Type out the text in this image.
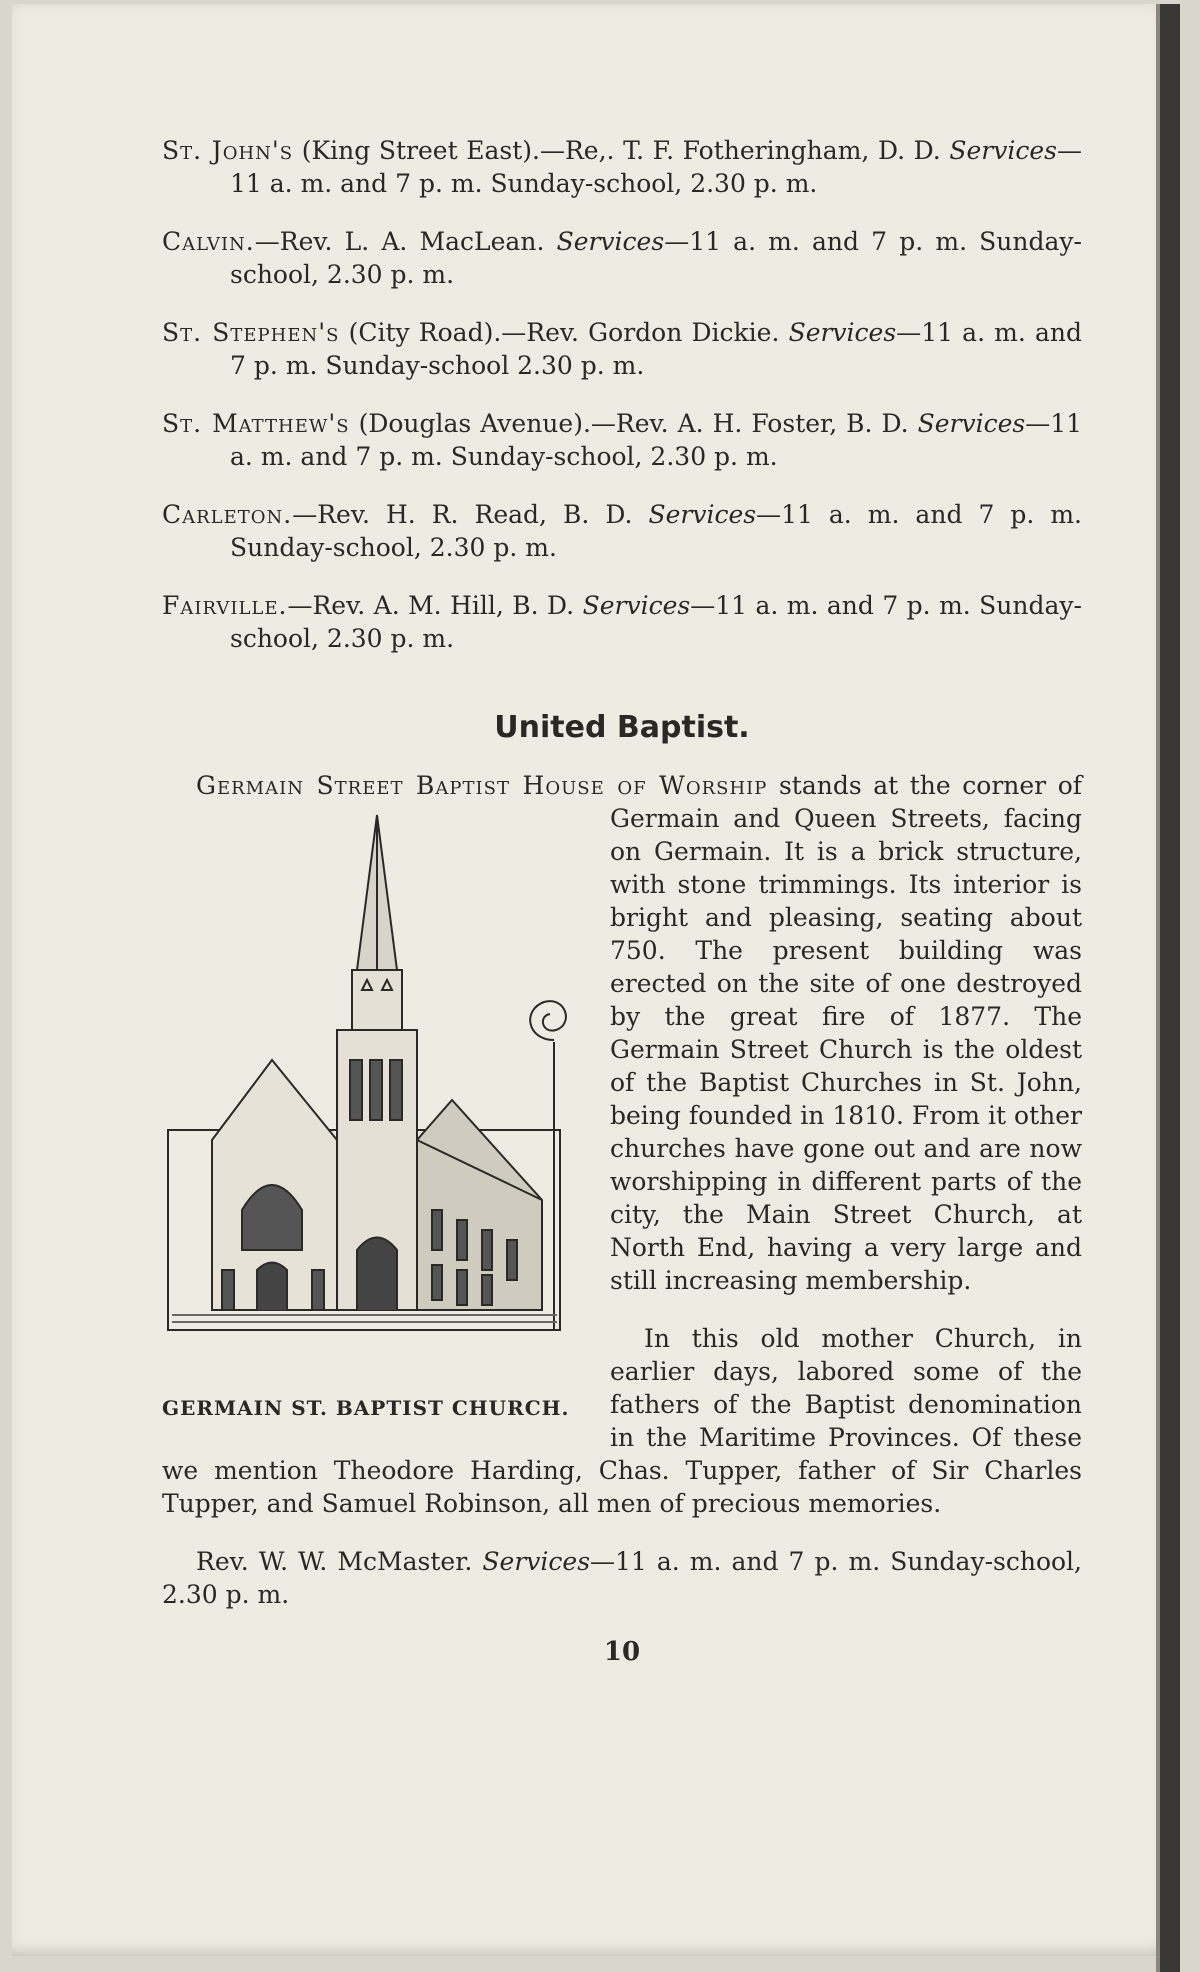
St. John's (King Street East).—Re,. T. F. Fotheringham, D. D. Services—11 a. m. and 7 p. m. Sunday-school, 2.30 p. m.

Calvin.—Rev. L. A. MacLean. Services—11 a. m. and 7 p. m. Sunday-school, 2.30 p. m.

St. Stephen's (City Road).—Rev. Gordon Dickie. Services—11 a. m. and 7 p. m. Sunday-school 2.30 p. m.

St. Matthew's (Douglas Avenue).—Rev. A. H. Foster, B. D. Services—11 a. m. and 7 p. m. Sunday-school, 2.30 p. m.

Carleton.—Rev. H. R. Read, B. D. Services—11 a. m. and 7 p. m. Sunday-school, 2.30 p. m.

Fairville.—Rev. A. M. Hill, B. D. Services—11 a. m. and 7 p. m. Sunday-school, 2.30 p. m.

United Baptist.

Germain Street Baptist House of Worship
GERMAIN ST. BAPTIST CHURCH.
stands at the corner of Germain and Queen Streets, facing on Germain. It is a brick structure, with stone trimmings. Its interior is bright and pleasing, seating about 750. The present building was erected on the site of one destroyed by the great fire of 1877. The Germain Street Church is the oldest of the Baptist Churches in St. John, being founded in 1810. From it other churches have gone out and are now worshipping in different parts of the city, the Main Street Church, at North End, having a very large and still increasing membership.

In this old mother Church, in earlier days, labored some of the fathers of the Baptist denomination in the Maritime Provinces. Of these we mention Theodore Harding, Chas. Tupper, father of Sir Charles Tupper, and Samuel Robinson, all men of precious memories.

Rev. W. W. McMaster. Services—11 a. m. and 7 p. m. Sunday-school, 2.30 p. m.

10
